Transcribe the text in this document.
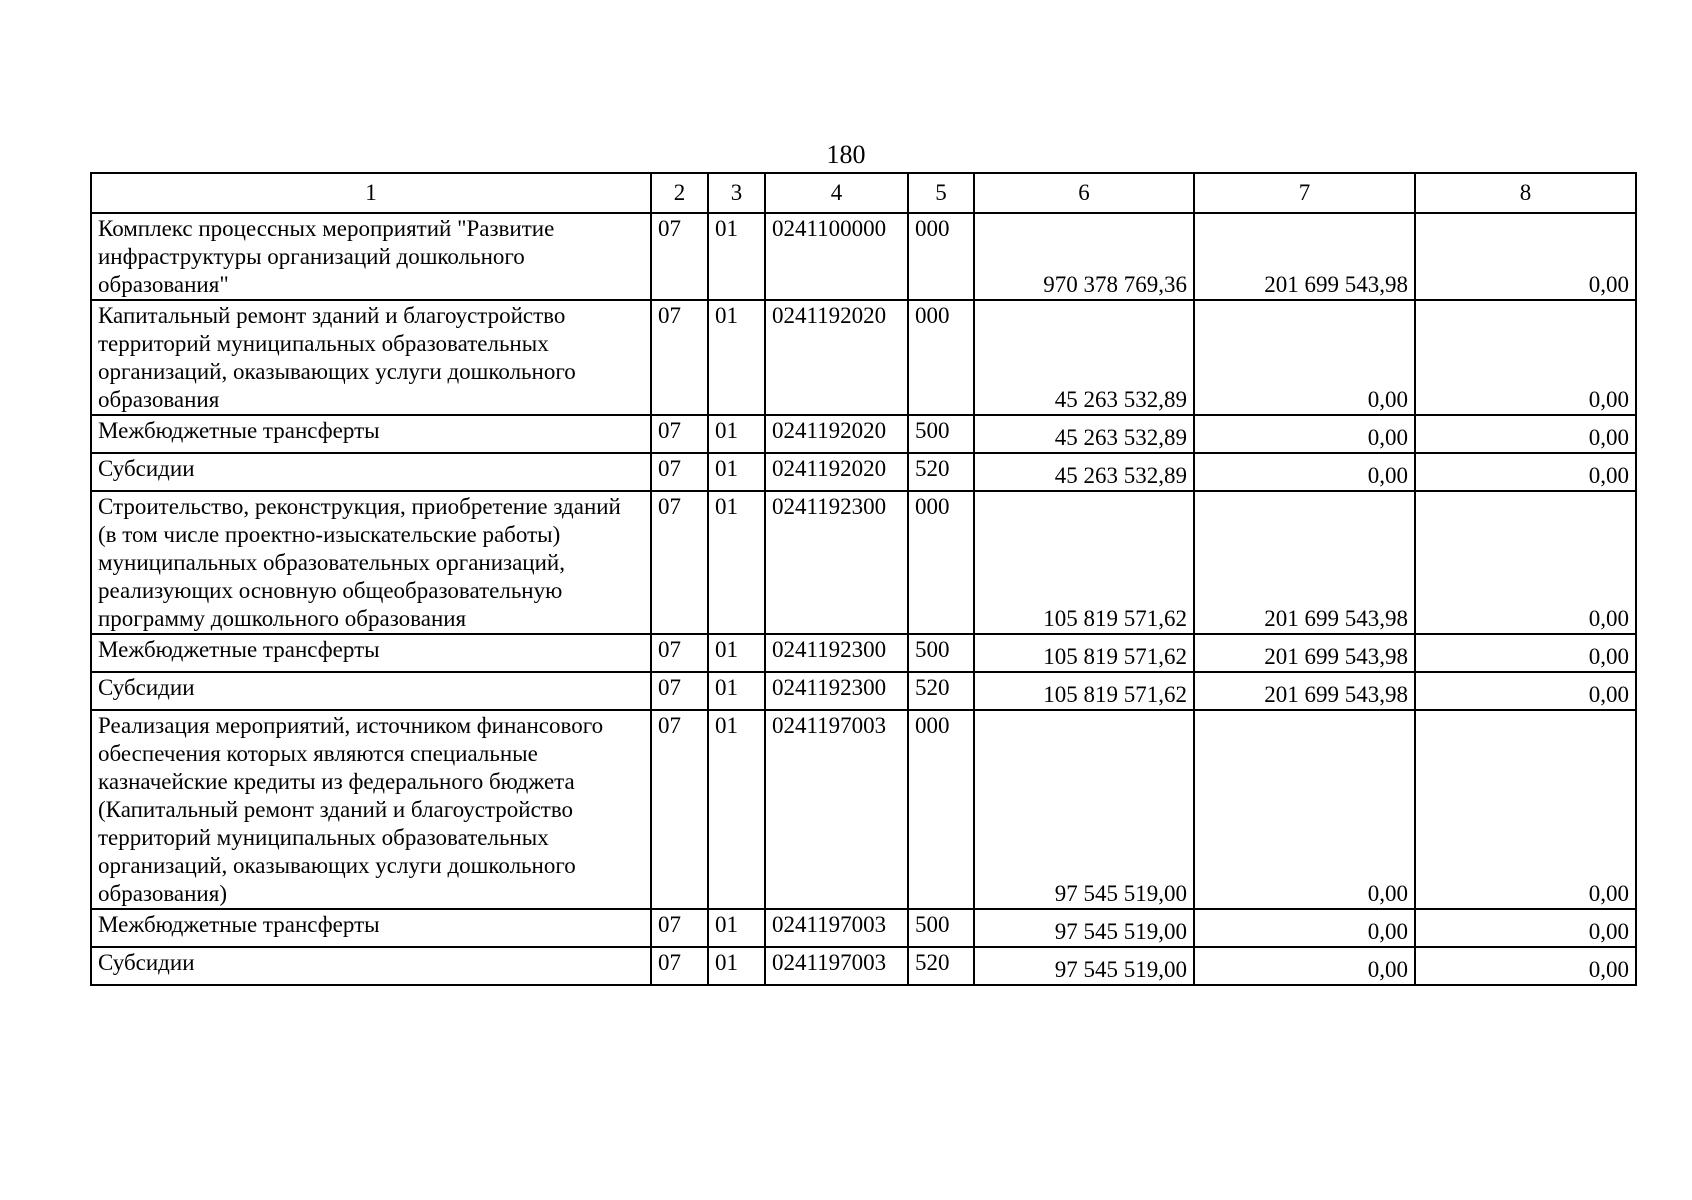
180
1	2	3	4	5	6	7	8
Комплекс процессных мероприятий "Развитие инфраструктуры организаций дошкольного образования"	07	01	0241100000	000	970 378 769,36	201 699 543,98	0,00
Капитальный ремонт зданий и благоустройство территорий муниципальных образовательных организаций, оказывающих услуги дошкольного образования	07	01	0241192020	000	45 263 532,89	0,00	0,00
Межбюджетные трансферты	07	01	0241192020	500	45 263 532,89	0,00	0,00
Субсидии	07	01	0241192020	520	45 263 532,89	0,00	0,00
Строительство, реконструкция, приобретение зданий (в том числе проектно-изыскательские работы) муниципальных образовательных организаций, реализующих основную общеобразовательную программу дошкольного образования	07	01	0241192300	000	105 819 571,62	201 699 543,98	0,00
Межбюджетные трансферты	07	01	0241192300	500	105 819 571,62	201 699 543,98	0,00
Субсидии	07	01	0241192300	520	105 819 571,62	201 699 543,98	0,00
Реализация мероприятий, источником финансового обеспечения которых являются специальные казначейские кредиты из федерального бюджета (Капитальный ремонт зданий и благоустройство территорий муниципальных образовательных организаций, оказывающих услуги дошкольного образования)	07	01	0241197003	000	97 545 519,00	0,00	0,00
Межбюджетные трансферты	07	01	0241197003	500	97 545 519,00	0,00	0,00
Субсидии	07	01	0241197003	520	97 545 519,00	0,00	0,00
